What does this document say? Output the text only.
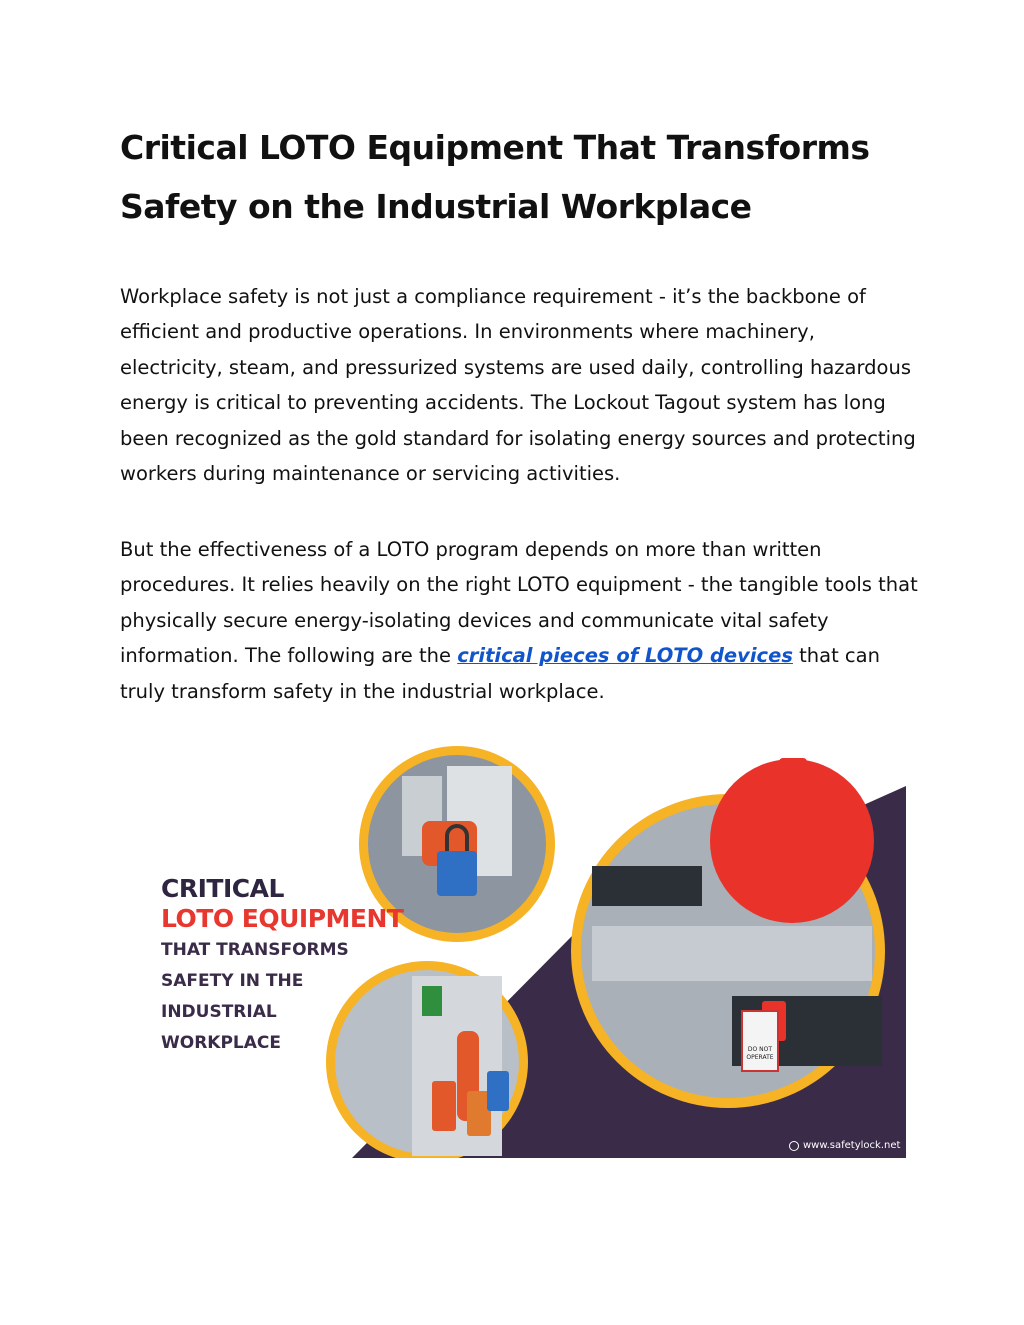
Critical LOTO Equipment That Transforms Safety on the Industrial Workplace

Workplace safety is not just a compliance requirement - it’s the backbone of efficient and productive operations. In environments where machinery, electricity, steam, and pressurized systems are used daily, controlling hazardous energy is critical to preventing accidents. The Lockout Tagout system has long been recognized as the gold standard for isolating energy sources and protecting workers during maintenance or servicing activities.

But the effectiveness of a LOTO program depends on more than written procedures. It relies heavily on the right LOTO equipment - the tangible tools that physically secure energy-isolating devices and communicate vital safety information. The following are the critical pieces of LOTO devices that can truly transform safety in the industrial workplace.

DO NOT
OPERATE
CRITICAL
LOTO EQUIPMENT
THAT TRANSFORMS
SAFETY IN THE
INDUSTRIAL
WORKPLACE
www.safetylock.net
